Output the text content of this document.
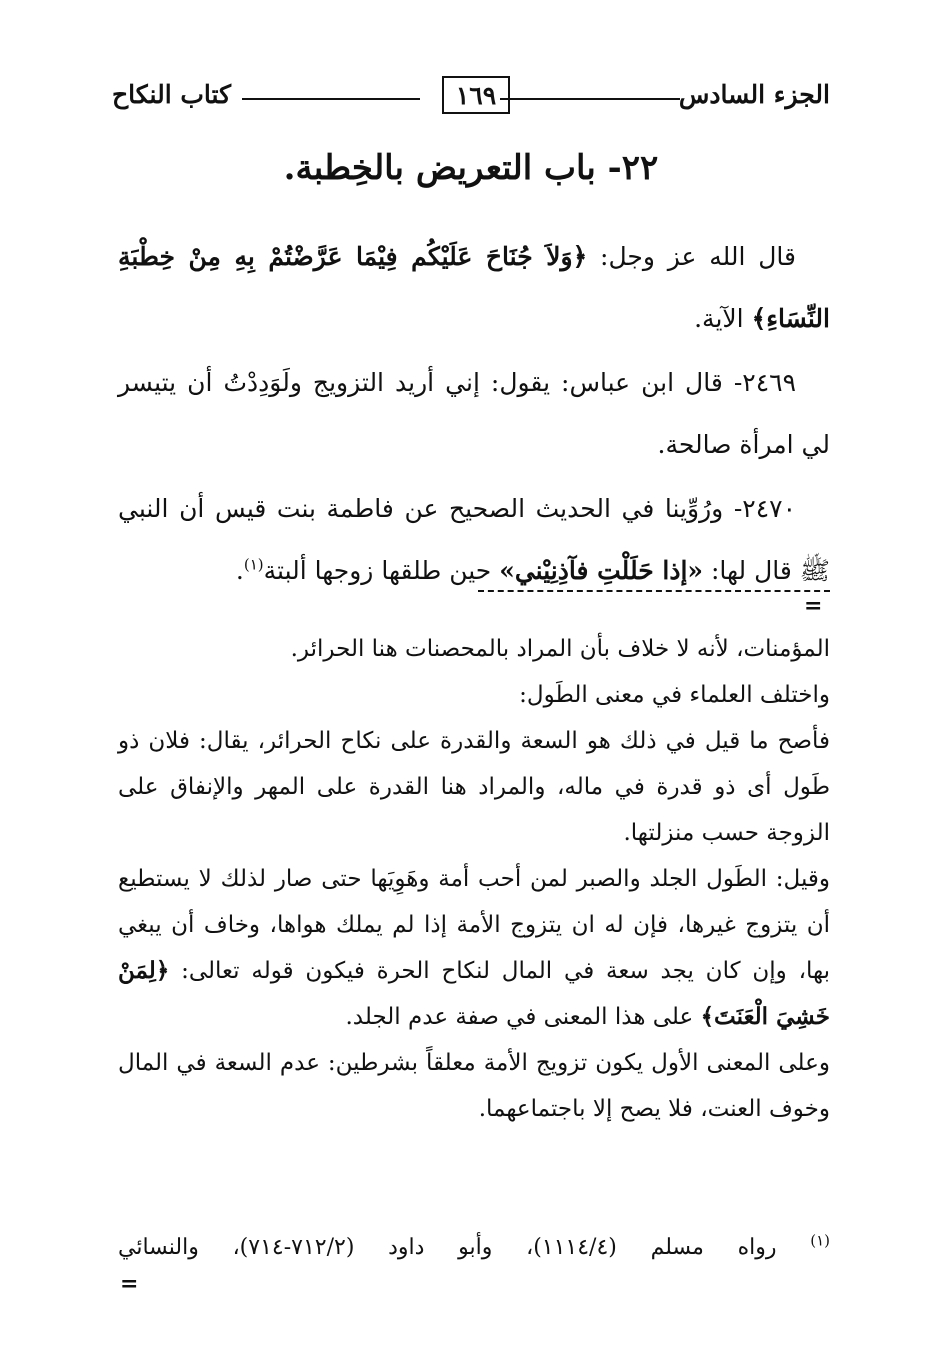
الجزء السادس
١٦٩
كتاب النكاح
٢٢- باب التعريض بالخِطبة.

قال الله عز وجل: ﴿وَلاَ جُنَاحَ عَلَيْكُم فِيْمَا عَرَّضْتُمْ بِهِ مِنْ خِطْبَةِ النِّسَاءِ﴾ الآية.

٢٤٦٩- قال ابن عباس: يقول: إني أريد التزويج ولَوَدِدْتُ أن يتيسر لي امرأة صالحة.

٢٤٧٠- ورُوِّينا في الحديث الصحيح عن فاطمة بنت قيس أن النبي ﷺ قال لها: «إذا حَلَلْتِ فآذِنِيْني» حين طلقها زوجها ألبتة$^{(١)}$.

=

المؤمنات، لأنه لا خلاف بأن المراد بالمحصنات هنا الحرائر.

واختلف العلماء في معنى الطَول:

فأصح ما قيل في ذلك هو السعة والقدرة على نكاح الحرائر، يقال: فلان ذو طَول أى ذو قدرة في ماله، والمراد هنا القدرة على المهر والإنفاق على الزوجة حسب منزلتها.

وقيل: الطَول الجلد والصبر لمن أحب أمة وهَوِيَها حتى صار لذلك لا يستطيع أن يتزوج غيرها، فإن له ان يتزوج الأمة إذا لم يملك هواها، وخاف أن يبغي بها، وإن كان يجد سعة في المال لنكاح الحرة فيكون قوله تعالى: ﴿لِمَنْ خَشِيَ الْعَنَتَ﴾ على هذا المعنى في صفة عدم الجلد.

وعلى المعنى الأول يكون تزويج الأمة معلقاً بشرطين: عدم السعة في المال وخوف العنت، فلا يصح إلا باجتماعهما.

$^{(١)}$ رواه مسلم (١١١٤/٤)، وأبو داود (٧١٢/٢-٧١٤)، والنسائي

=
